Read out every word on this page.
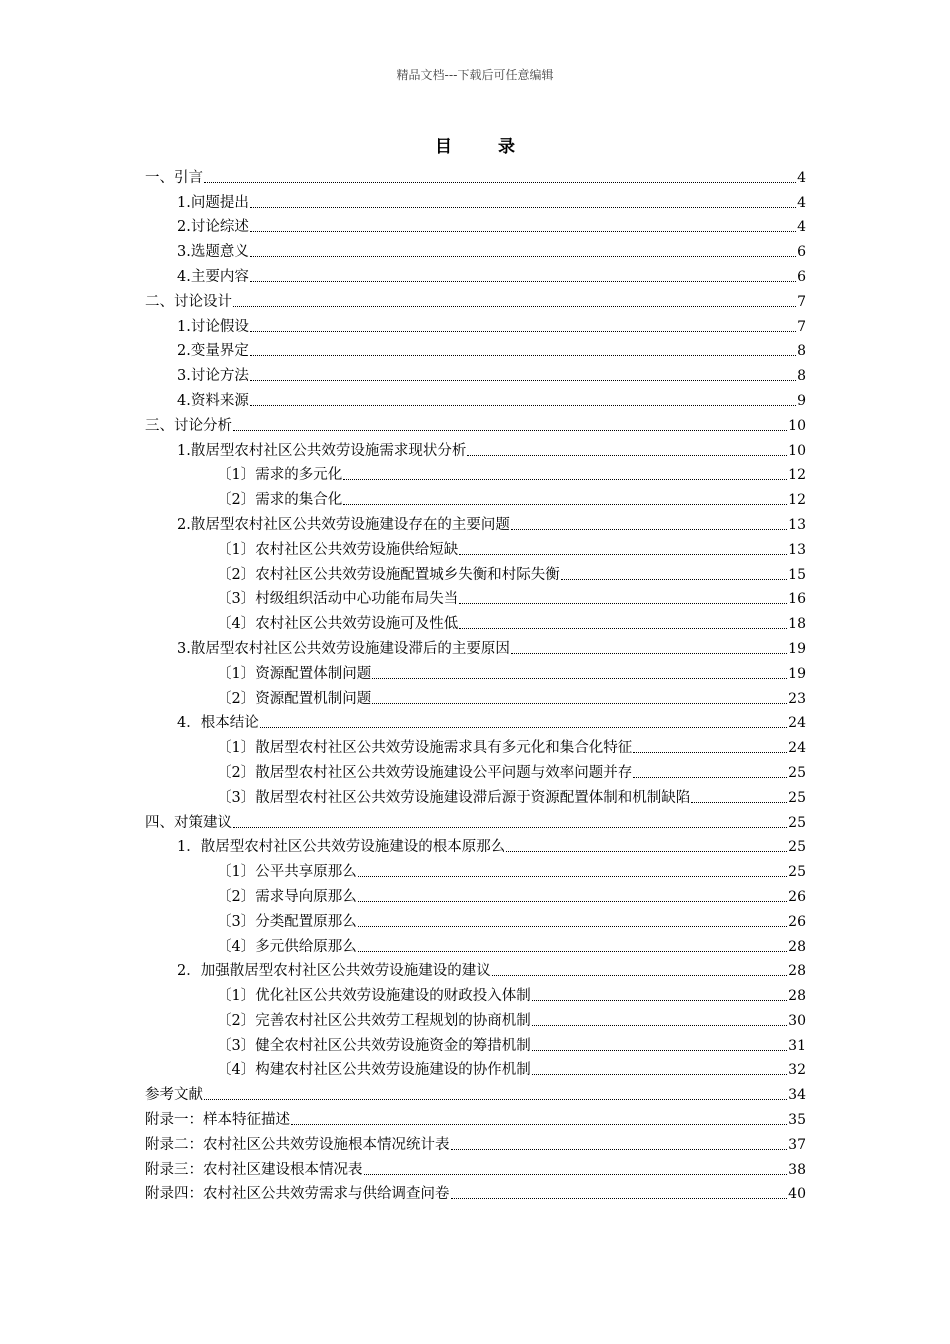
精品文档---下载后可任意编辑
目 录
一、引言	4
1.问题提出	4
2.讨论综述	4
3.选题意义	6
4.主要内容	6
二、讨论设计	7
1.讨论假设	7
2.变量界定	8
3.讨论方法	8
4.资料来源	9
三、讨论分析	10
1.散居型农村社区公共效劳设施需求现状分析	10
〔1〕需求的多元化	12
〔2〕需求的集合化	12
2.散居型农村社区公共效劳设施建设存在的主要问题	13
〔1〕农村社区公共效劳设施供给短缺	13
〔2〕农村社区公共效劳设施配置城乡失衡和村际失衡	15
〔3〕村级组织活动中心功能布局失当	16
〔4〕农村社区公共效劳设施可及性低	18
3.散居型农村社区公共效劳设施建设滞后的主要原因	19
〔1〕资源配置体制问题	19
〔2〕资源配置机制问题	23
4．根本结论	24
〔1〕散居型农村社区公共效劳设施需求具有多元化和集合化特征	24
〔2〕散居型农村社区公共效劳设施建设公平问题与效率问题并存	25
〔3〕散居型农村社区公共效劳设施建设滞后源于资源配置体制和机制缺陷	25
四、对策建议	25
1．散居型农村社区公共效劳设施建设的根本原那么	25
〔1〕公平共享原那么	25
〔2〕需求导向原那么	26
〔3〕分类配置原那么	26
〔4〕多元供给原那么	28
2．加强散居型农村社区公共效劳设施建设的建议	28
〔1〕优化社区公共效劳设施建设的财政投入体制	28
〔2〕完善农村社区公共效劳工程规划的协商机制	30
〔3〕健全农村社区公共效劳设施资金的筹措机制	31
〔4〕构建农村社区公共效劳设施建设的协作机制	32
参考文献	34
附录一：样本特征描述	35
附录二：农村社区公共效劳设施根本情况统计表	37
附录三：农村社区建设根本情况表	38
附录四：农村社区公共效劳需求与供给调查问卷	40
